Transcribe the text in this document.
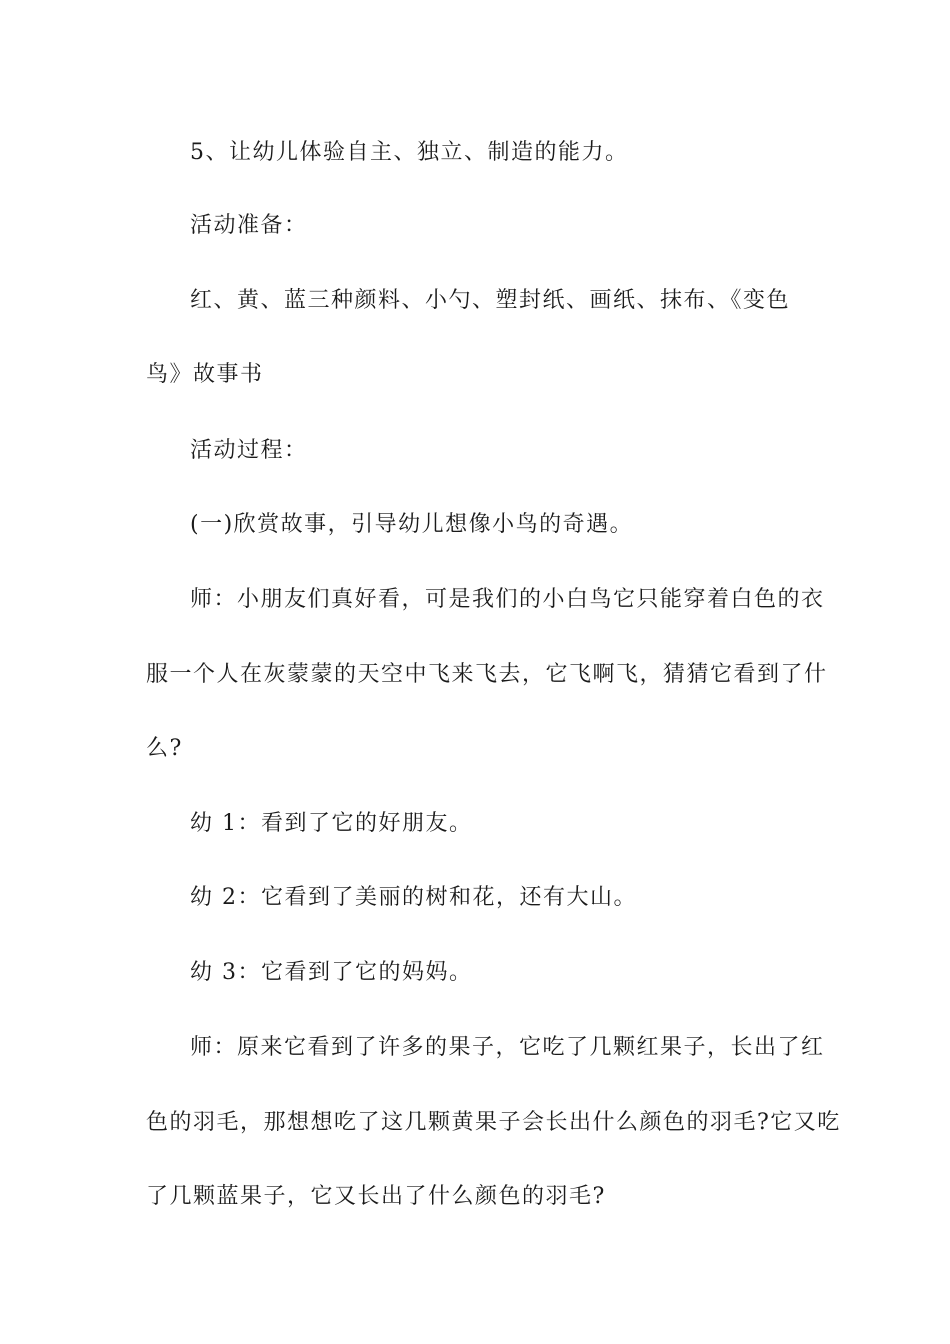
5、让幼儿体验自主、独立、制造的能力。

活动准备：

红、黄、蓝三种颜料、小勺、塑封纸、画纸、抹布、《变色

鸟》故事书

活动过程：

(一)欣赏故事，引导幼儿想像小鸟的奇遇。

师：小朋友们真好看，可是我们的小白鸟它只能穿着白色的衣

服一个人在灰蒙蒙的天空中飞来飞去，它飞啊飞，猜猜它看到了什

么?

幼 1：看到了它的好朋友。

幼 2：它看到了美丽的树和花，还有大山。

幼 3：它看到了它的妈妈。

师：原来它看到了许多的果子，它吃了几颗红果子，长出了红

色的羽毛，那想想吃了这几颗黄果子会长出什么颜色的羽毛?它又吃

了几颗蓝果子，它又长出了什么颜色的羽毛?
